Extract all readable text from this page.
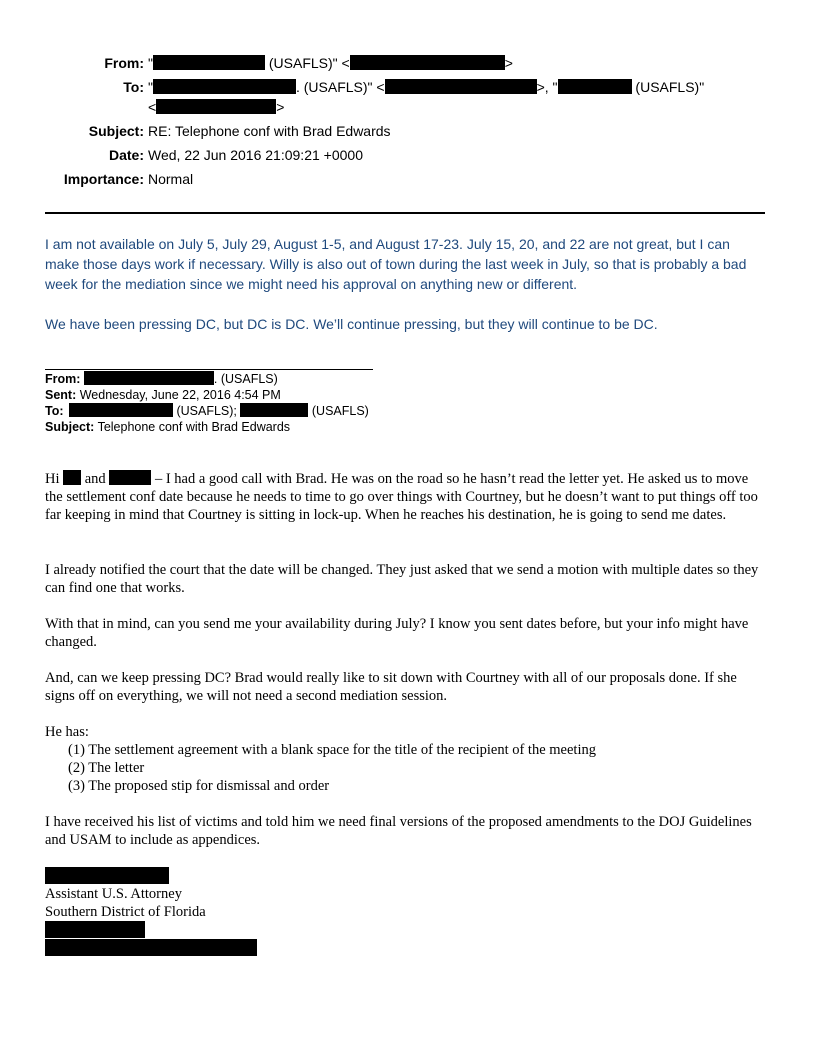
From: "	(USAFLS)" <	>
To: "	. (USAFLS)" <	>, "	(USAFLS)"
<	>
Subject: RE: Telephone conf with Brad Edwards
Date: Wed, 22 Jun 2016 21:09:21 +0000
Importance: Normal

I am not available on July 5, July 29, August 1-5, and August 17-23. July 15, 20, and 22 are not great, but I can make those days work if necessary. Willy is also out of town during the last week in July, so that is probably a bad week for the mediation since we might need his approval on anything new or different.

We have been pressing DC, but DC is DC. We’ll continue pressing, but they will continue to be DC.

From:	. (USAFLS)
Sent: Wednesday, June 22, 2016 4:54 PM
To:	(USAFLS);	(USAFLS)
Subject: Telephone conf with Brad Edwards

Hi and	– I had a good call with Brad. He was on the road so he hasn’t read the letter yet. He asked us to move the settlement conf date because he needs to time to go over things with Courtney, but he doesn’t want to put things off too far keeping in mind that Courtney is sitting in lock-up. When he reaches his destination, he is going to send me dates.

I already notified the court that the date will be changed. They just asked that we send a motion with multiple dates so they can find one that works.

With that in mind, can you send me your availability during July? I know you sent dates before, but your info might have changed.

And, can we keep pressing DC? Brad would really like to sit down with Courtney with all of our proposals done. If she signs off on everything, we will not need a second mediation session.

He has:

(1) The settlement agreement with a blank space for the title of the recipient of the meeting
(2) The letter
(3) The proposed stip for dismissal and order

I have received his list of victims and told him we need final versions of the proposed amendments to the DOJ Guidelines and USAM to include as appendices.

Assistant U.S. Attorney
Southern District of Florida
